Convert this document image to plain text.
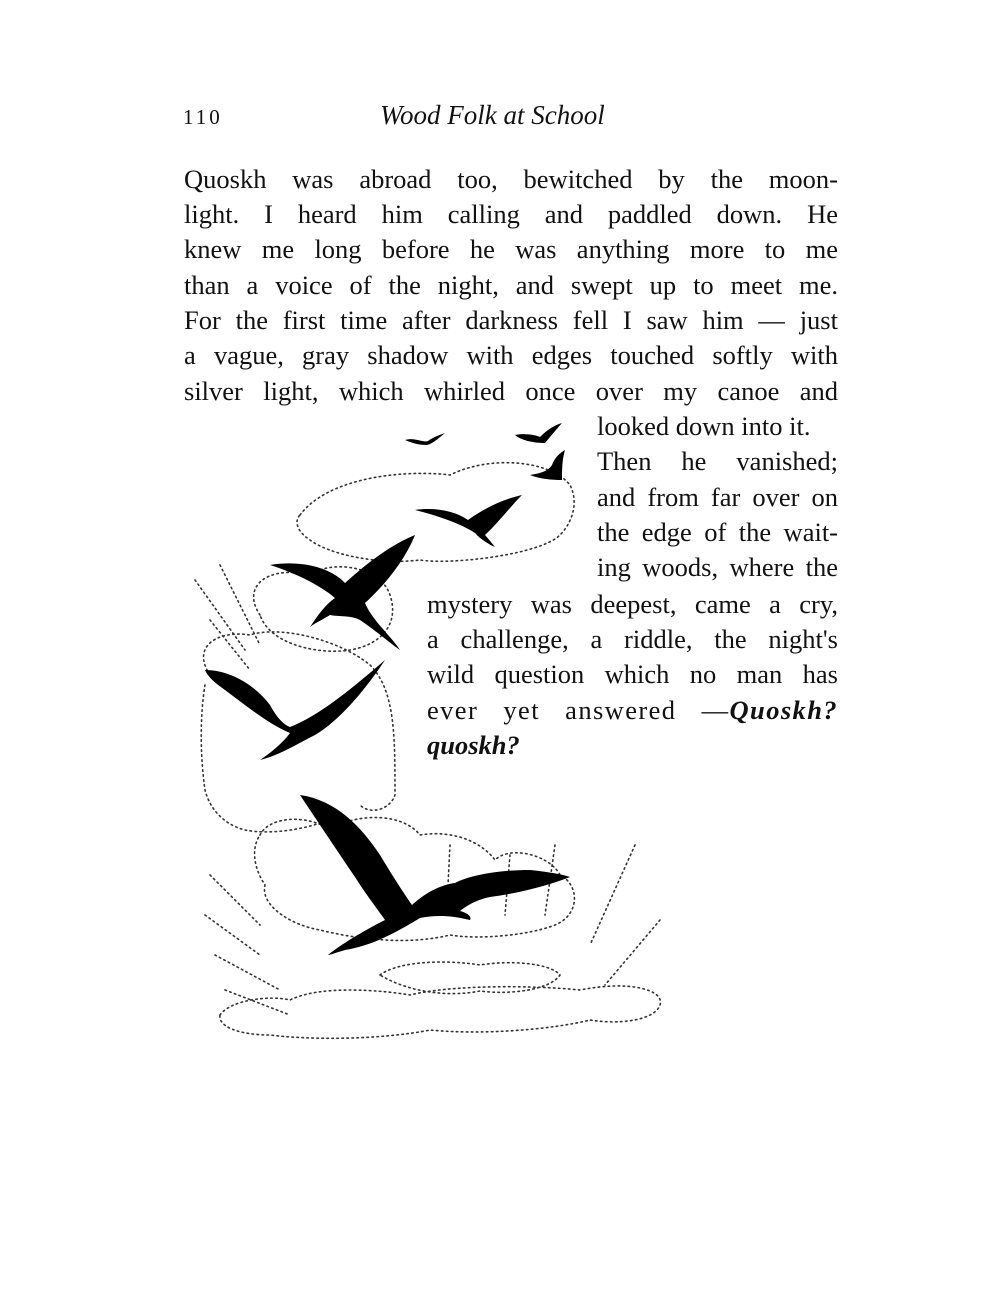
110	Wood Folk at School
Quoskh was abroad too, bewitched by the moon-
light. I heard him calling and paddled down. He
knew me long before he was anything more to me
than a voice of the night, and swept up to meet me.
For the first time after darkness fell I saw him — just
a vague, gray shadow with edges touched softly with
silver light, which whirled once over my canoe and
looked down into it.
Then he vanished;
and from far over on
the edge of the wait-
ing woods, where the
mystery was deepest, came a cry,
a challenge, a riddle, the night's
wild question which no man has
ever yet answered —Quoskh?
quoskh?
